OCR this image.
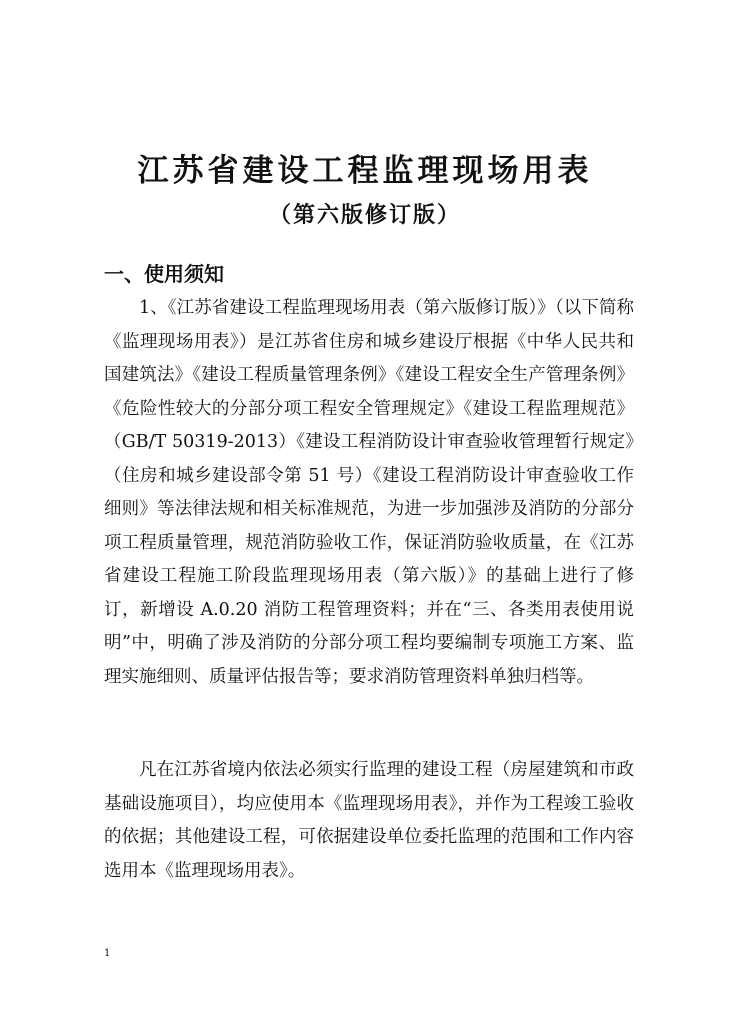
江苏省建设工程监理现场用表
（第六版修订版）
一、使用须知
1、《江苏省建设工程监理现场用表（第六版修订版）》（以下简称《监理现场用表》）是江苏省住房和城乡建设厅根据《中华人民共和国建筑法》《建设工程质量管理条例》《建设工程安全生产管理条例》《危险性较大的分部分项工程安全管理规定》《建设工程监理规范》（GB/T 50319-2013）《建设工程消防设计审查验收管理暂行规定》（住房和城乡建设部令第 51 号）《建设工程消防设计审查验收工作细则》等法律法规和相关标准规范，为进一步加强涉及消防的分部分项工程质量管理，规范消防验收工作，保证消防验收质量，在《江苏省建设工程施工阶段监理现场用表（第六版）》的基础上进行了修订，新增设 A.0.20 消防工程管理资料；并在“三、各类用表使用说明”中，明确了涉及消防的分部分项工程均要编制专项施工方案、监理实施细则、质量评估报告等；要求消防管理资料单独归档等。
凡在江苏省境内依法必须实行监理的建设工程（房屋建筑和市政基础设施项目），均应使用本《监理现场用表》，并作为工程竣工验收的依据；其他建设工程，可依据建设单位委托监理的范围和工作内容选用本《监理现场用表》。
1
